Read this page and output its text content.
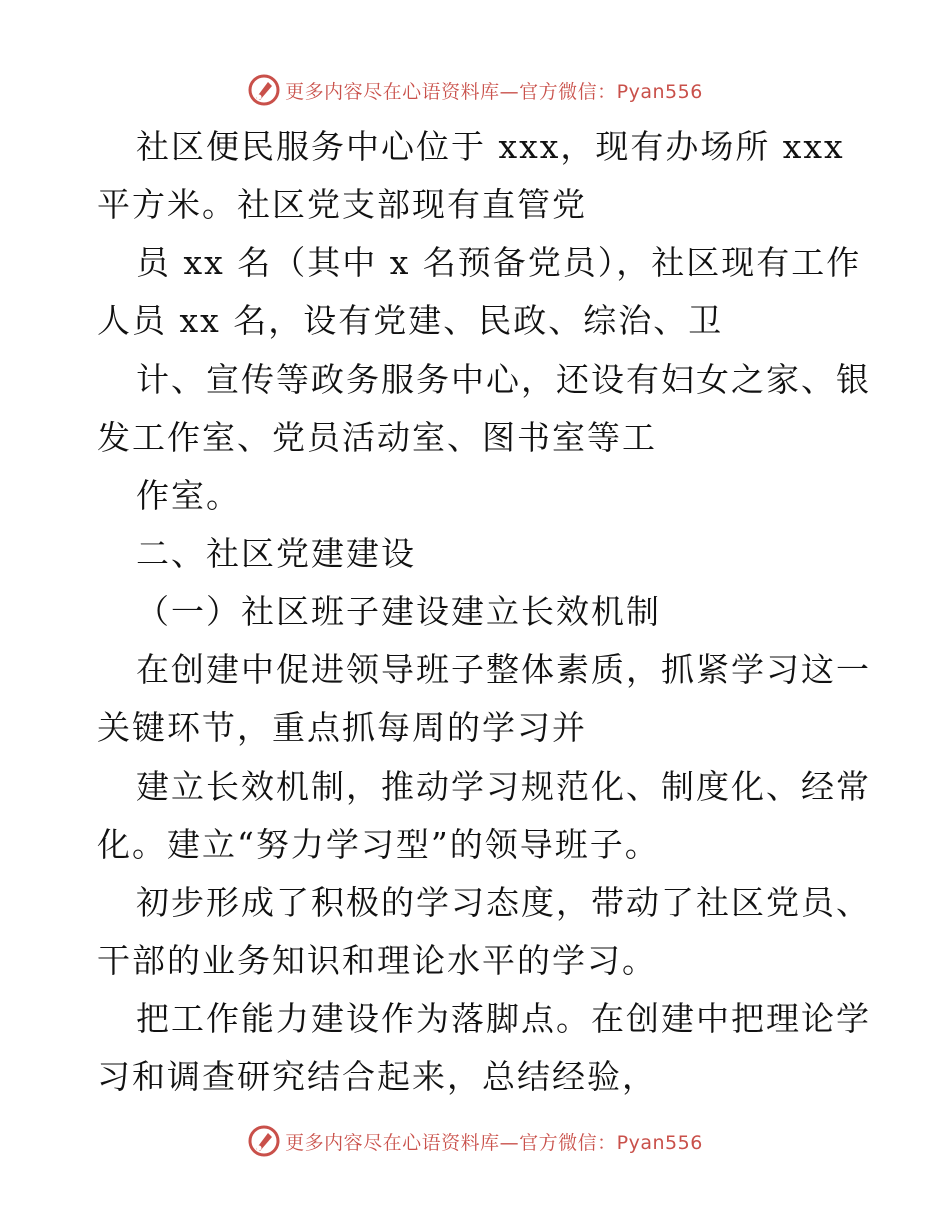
更多内容尽在心语资料库—官方微信：Pyan556
社区便民服务中心位于 xxx，现有办场所 xxx
平方米。社区党支部现有直管党
员 xx 名（其中 x 名预备党员），社区现有工作
人员 xx 名，设有党建、民政、综治、卫
计、宣传等政务服务中心，还设有妇女之家、银
发工作室、党员活动室、图书室等工
作室。
二、社区党建建设
（一）社区班子建设建立长效机制
在创建中促进领导班子整体素质，抓紧学习这一
关键环节，重点抓每周的学习并
建立长效机制，推动学习规范化、制度化、经常
化。建立“努力学习型”的领导班子。
初步形成了积极的学习态度，带动了社区党员、
干部的业务知识和理论水平的学习。
把工作能力建设作为落脚点。在创建中把理论学
习和调查研究结合起来，总结经验，
更多内容尽在心语资料库—官方微信：Pyan556
